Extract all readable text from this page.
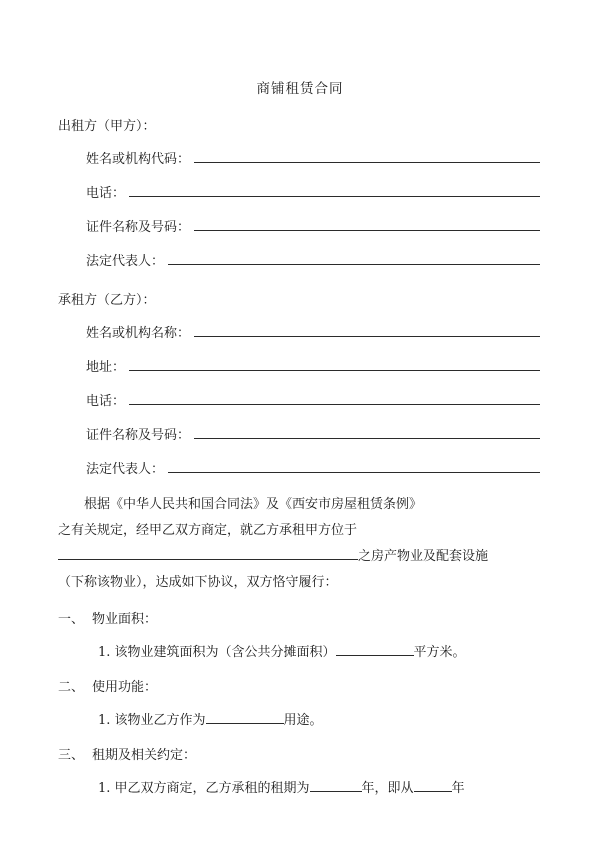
商铺租赁合同
出租方（甲方）：
姓名或机构代码：
电话：
证件名称及号码：
法定代表人：
承租方（乙方）：
姓名或机构名称：
地址：
电话：
证件名称及号码：
法定代表人：
根据《中华人民共和国合同法》及《西安市房屋租赁条例》
之有关规定，经甲乙双方商定，就乙方承租甲方位于
之房产物业及配套设施
（下称该物业），达成如下协议，双方恪守履行：
一、 物业面积：
1. 该物业建筑面积为（含公共分摊面积）	平方米。
二、 使用功能：
1. 该物业乙方作为	用途。
三、 租期及相关约定：
1. 甲乙双方商定，乙方承租的租期为	年，即从	年
